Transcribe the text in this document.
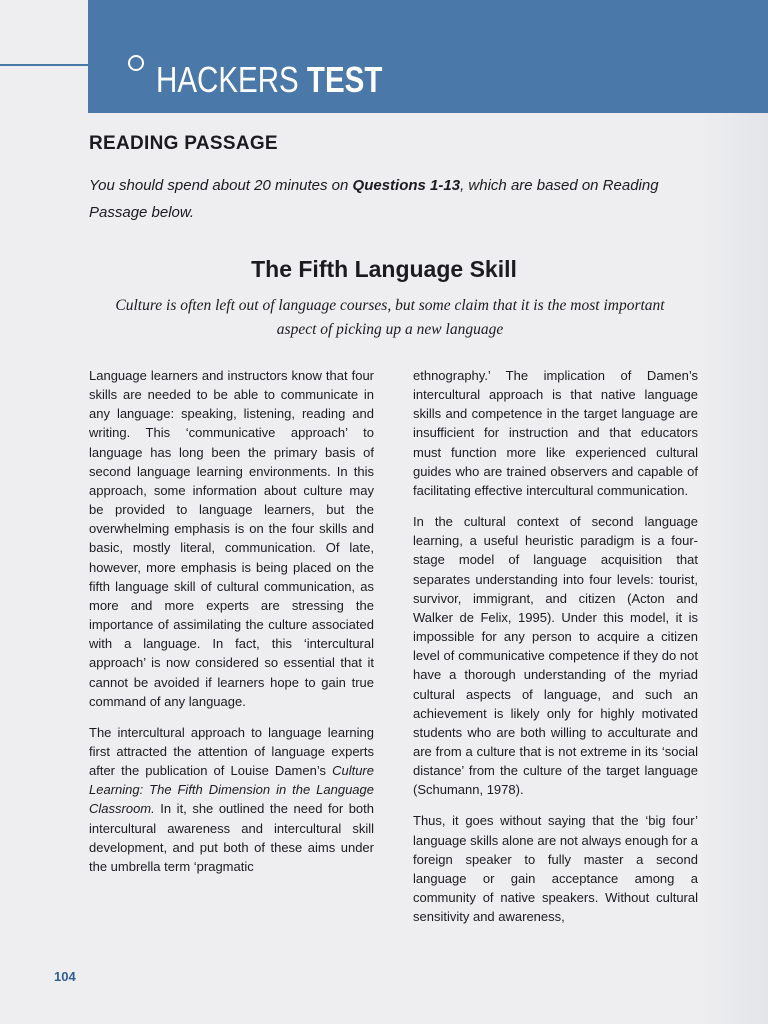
HACKERS TEST
READING PASSAGE
You should spend about 20 minutes on Questions 1-13, which are based on Reading Passage below.
The Fifth Language Skill
Culture is often left out of language courses, but some claim that it is the most important aspect of picking up a new language

Language learners and instructors know that four skills are needed to be able to communicate in any language: speaking, listening, reading and writing. This ‘communicative approach’ to language has long been the primary basis of second language learning environments. In this approach, some information about culture may be provided to language learners, but the overwhelming emphasis is on the four skills and basic, mostly literal, communication. Of late, however, more emphasis is being placed on the fifth language skill of cultural communication, as more and more experts are stressing the importance of assimilating the culture associated with a language. In fact, this ‘intercultural approach’ is now considered so essential that it cannot be avoided if learners hope to gain true command of any language.

The intercultural approach to language learning first attracted the attention of language experts after the publication of Louise Damen’s Culture Learning: The Fifth Dimension in the Language Classroom. In it, she outlined the need for both intercultural awareness and intercultural skill development, and put both of these aims under the umbrella term ‘pragmatic

ethnography.’ The implication of Damen’s intercultural approach is that native language skills and competence in the target language are insufficient for instruction and that educators must function more like experienced cultural guides who are trained observers and capable of facilitating effective intercultural communication.

In the cultural context of second language learning, a useful heuristic paradigm is a four-stage model of language acquisition that separates understanding into four levels: tourist, survivor, immigrant, and citizen (Acton and Walker de Felix, 1995). Under this model, it is impossible for any person to acquire a citizen level of communicative competence if they do not have a thorough understanding of the myriad cultural aspects of language, and such an achievement is likely only for highly motivated students who are both willing to acculturate and are from a culture that is not extreme in its ‘social distance’ from the culture of the target language (Schumann, 1978).

Thus, it goes without saying that the ‘big four’ language skills alone are not always enough for a foreign speaker to fully master a second language or gain acceptance among a community of native speakers. Without cultural sensitivity and awareness,

104
